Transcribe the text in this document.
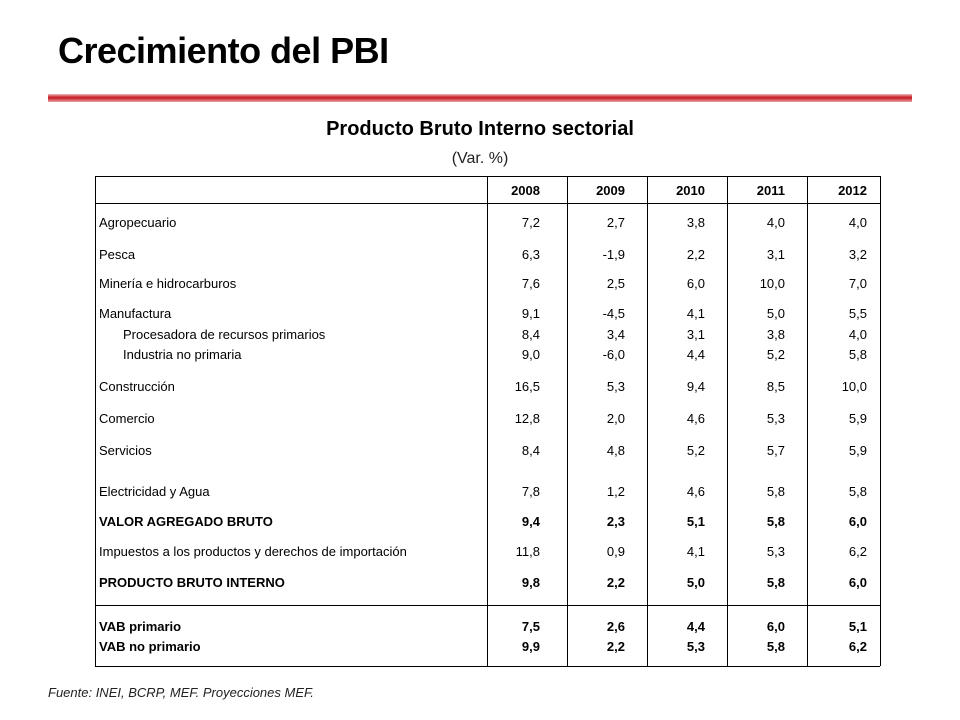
Crecimiento del PBI
Producto Bruto Interno sectorial
(Var. %)
2008	2009	2010	2011	2012
Agropecuario	7,2	2,7	3,8	4,0	4,0
Pesca	6,3	-1,9	2,2	3,1	3,2
Minería e hidrocarburos	7,6	2,5	6,0	10,0	7,0
Manufactura	9,1	-4,5	4,1	5,0	5,5
Procesadora de recursos primarios	8,4	3,4	3,1	3,8	4,0
Industria no primaria	9,0	-6,0	4,4	5,2	5,8
Construcción	16,5	5,3	9,4	8,5	10,0
Comercio	12,8	2,0	4,6	5,3	5,9
Servicios	8,4	4,8	5,2	5,7	5,9
Electricidad y Agua	7,8	1,2	4,6	5,8	5,8
VALOR AGREGADO BRUTO	9,4	2,3	5,1	5,8	6,0
Impuestos a los productos y derechos de importación	11,8	0,9	4,1	5,3	6,2
PRODUCTO BRUTO INTERNO	9,8	2,2	5,0	5,8	6,0
VAB primario	7,5	2,6	4,4	6,0	5,1
VAB no primario	9,9	2,2	5,3	5,8	6,2
Fuente: INEI, BCRP, MEF. Proyecciones MEF.
